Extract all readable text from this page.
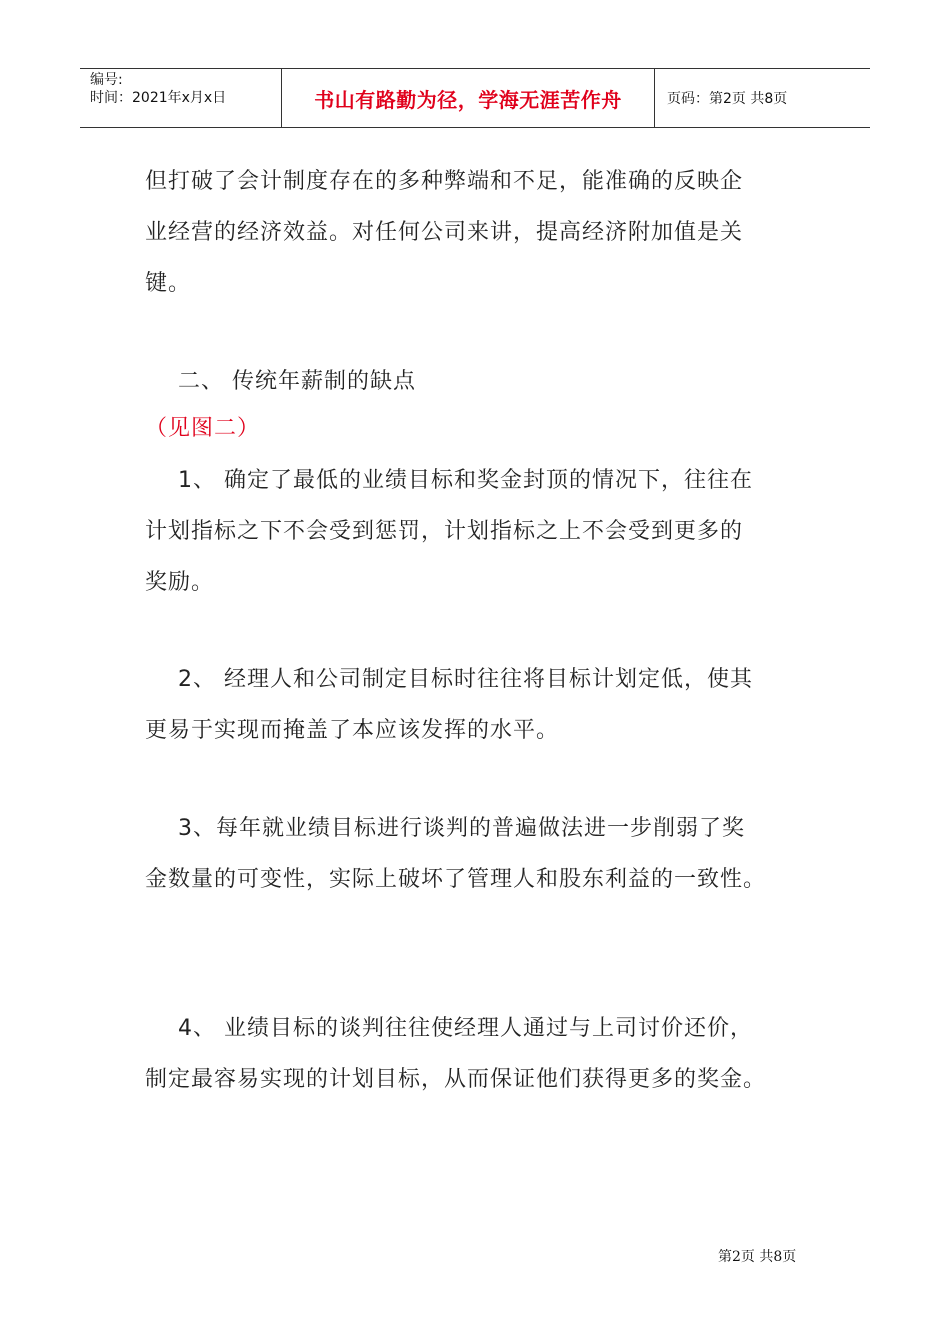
编号:
时间：2021年x月x日	书山有路勤为径，学海无涯苦作舟	页码：第2页 共8页

但打破了会计制度存在的多种弊端和不足，能准确的反映企

业经营的经济效益。对任何公司来讲，提高经济附加值是关

键。

二、 传统年薪制的缺点

（见图二）

1、 确定了最低的业绩目标和奖金封顶的情况下，往往在

计划指标之下不会受到惩罚，计划指标之上不会受到更多的

奖励。

2、 经理人和公司制定目标时往往将目标计划定低，使其

更易于实现而掩盖了本应该发挥的水平。

3、每年就业绩目标进行谈判的普遍做法进一步削弱了奖

金数量的可变性，实际上破坏了管理人和股东利益的一致性。

4、 业绩目标的谈判往往使经理人通过与上司讨价还价，

制定最容易实现的计划目标，从而保证他们获得更多的奖金。

第2页 共8页
